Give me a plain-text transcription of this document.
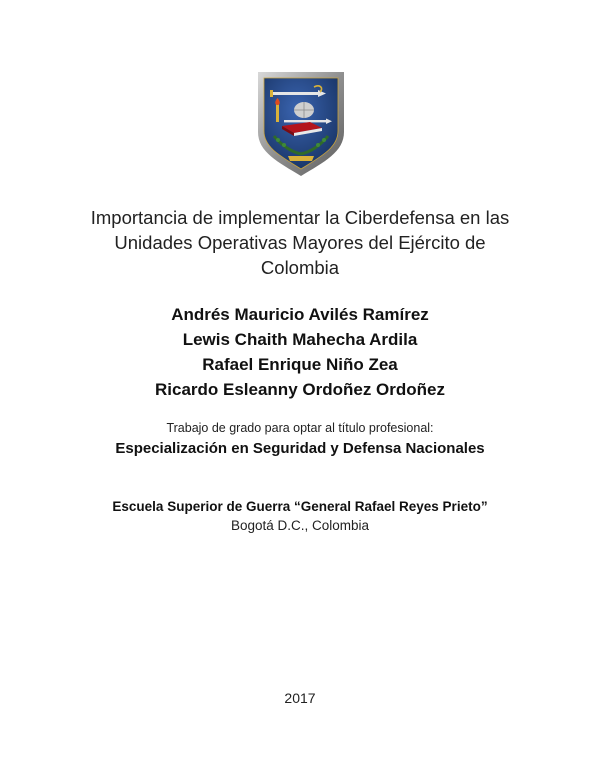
Importancia de implementar la Ciberdefensa en las
Unidades Operativas Mayores del Ejército de
Colombia
Andrés Mauricio Avilés Ramírez
Lewis Chaith Mahecha Ardila
Rafael Enrique Niño Zea
Ricardo Esleanny Ordoñez Ordoñez
Trabajo de grado para optar al título profesional:
Especialización en Seguridad y Defensa Nacionales
Escuela Superior de Guerra “General Rafael Reyes Prieto”
Bogotá D.C., Colombia
2017
